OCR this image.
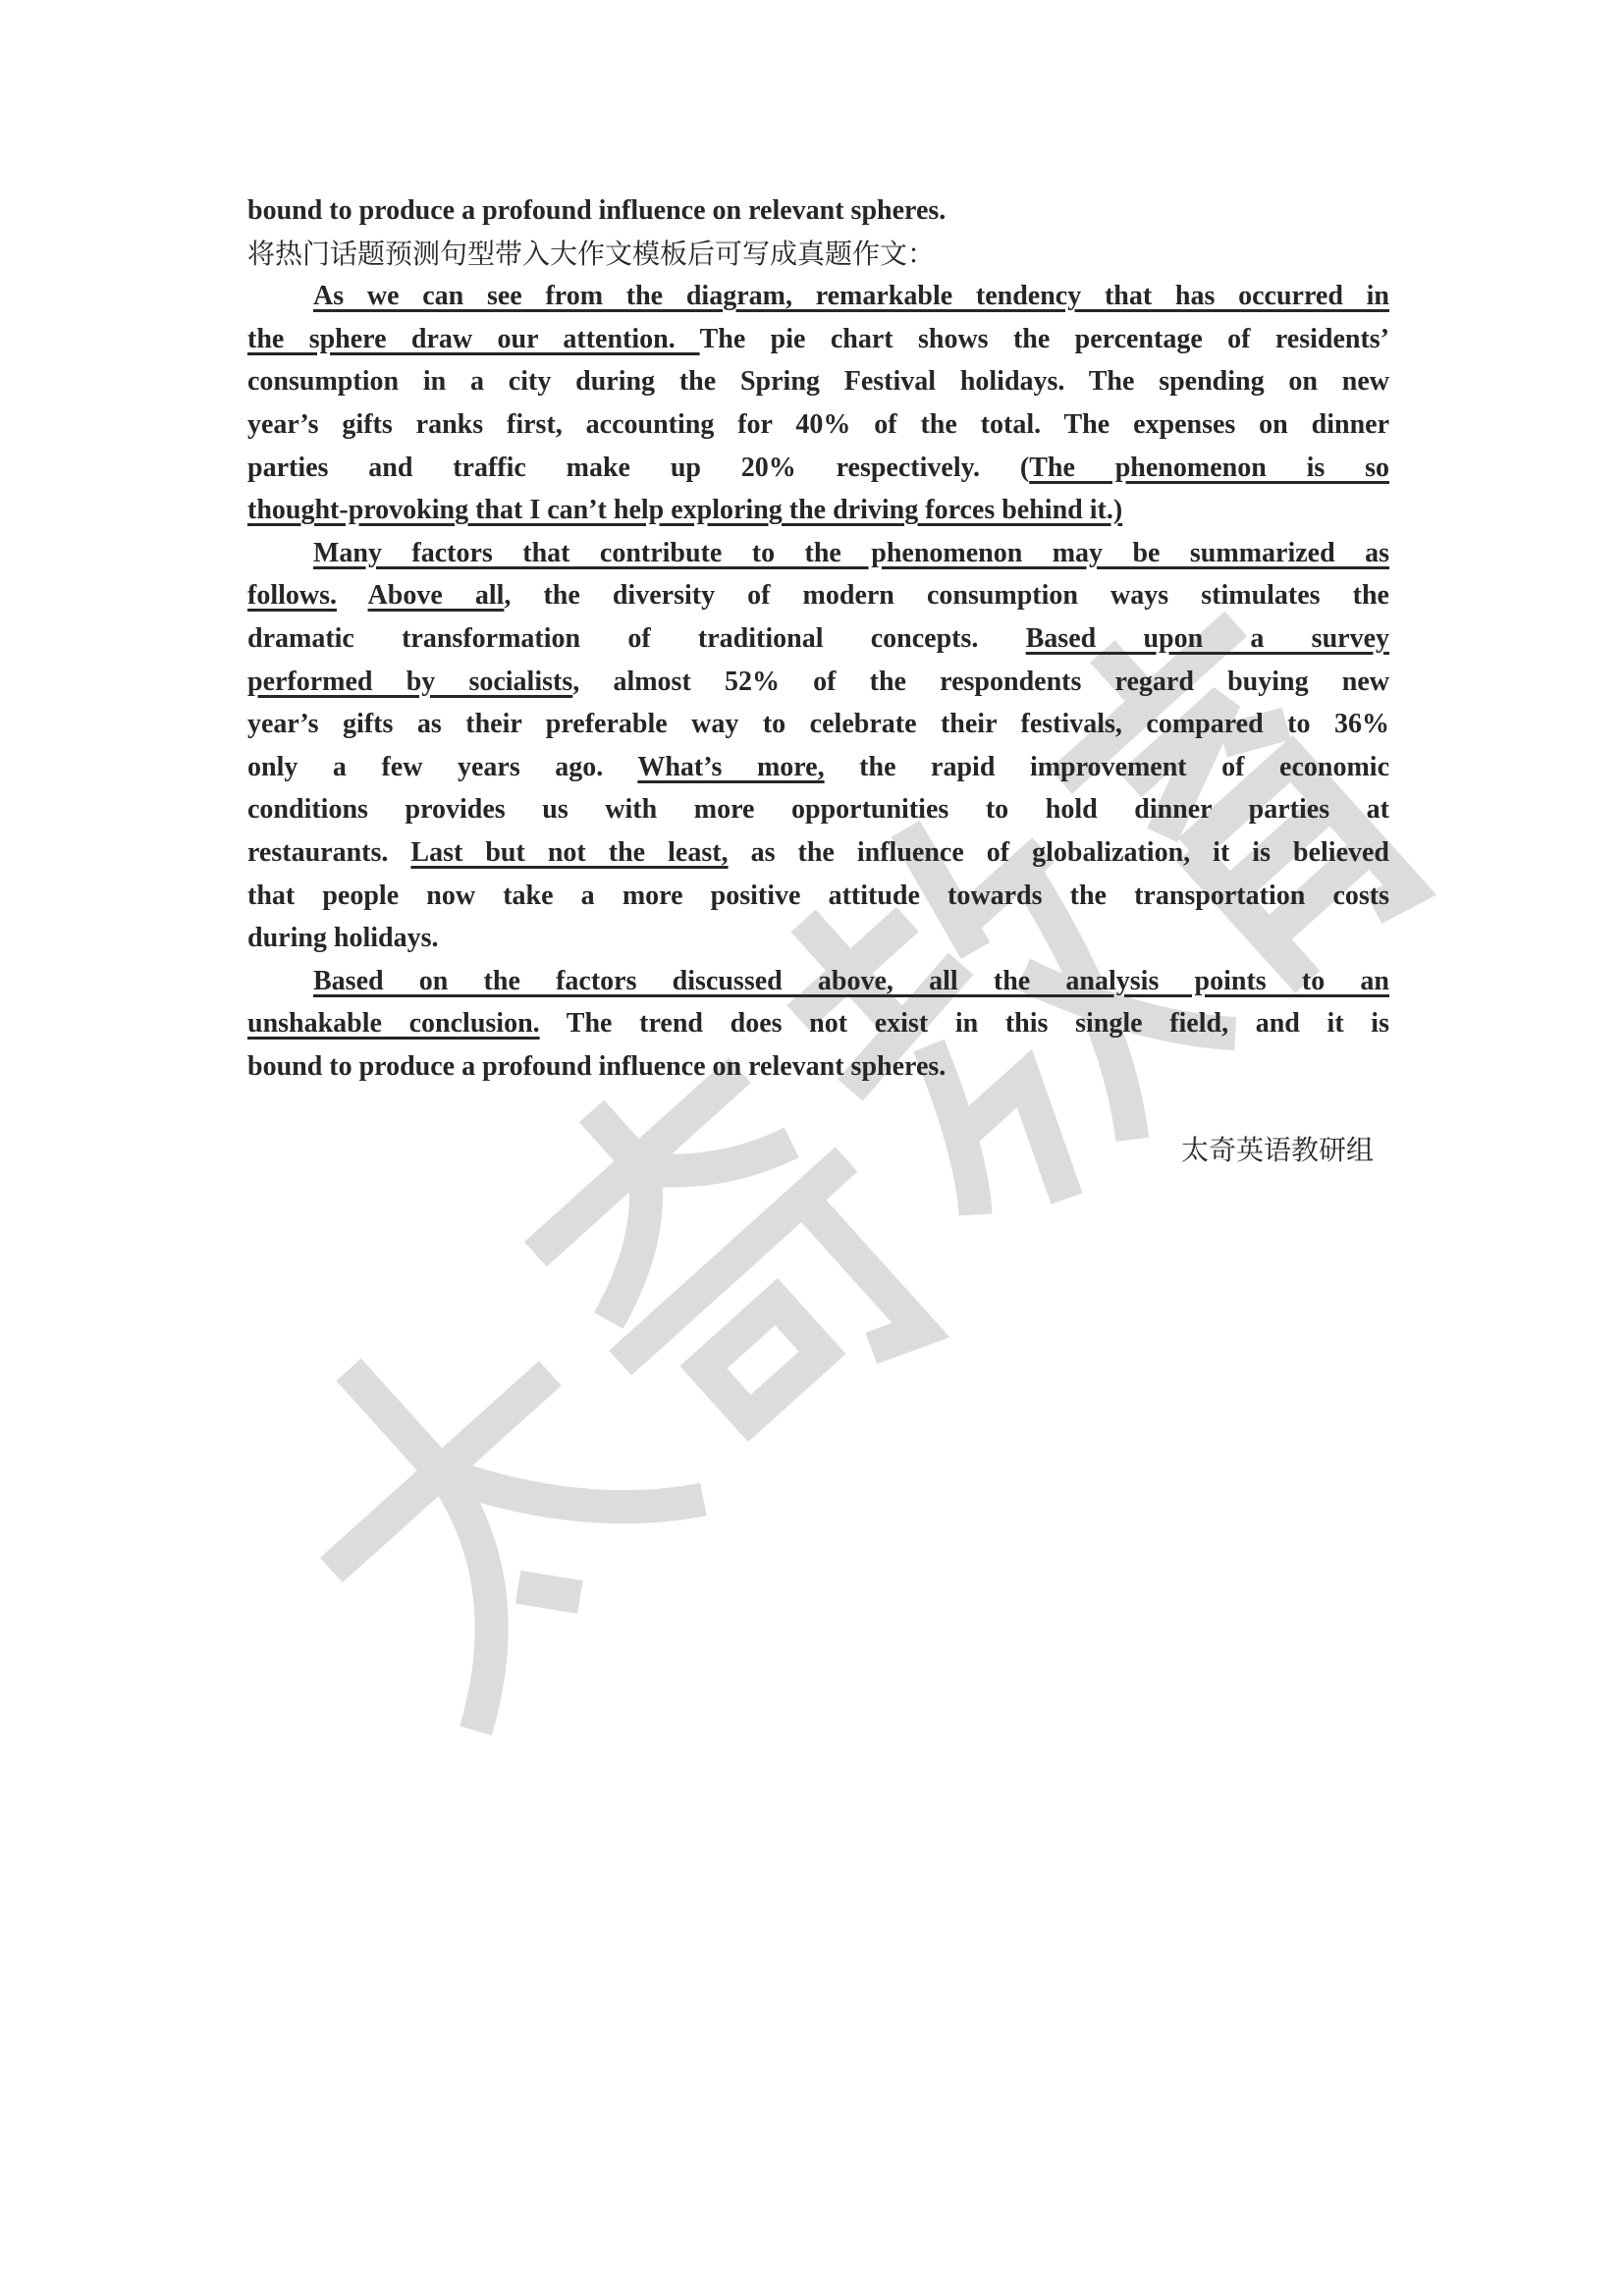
bound to produce a profound influence on relevant spheres.
将热门话题预测句型带入大作文模板后可写成真题作文：
As we can see from the diagram, remarkable tendency that has occurred in
the sphere draw our attention. The pie chart shows the percentage of residents’
consumption in a city during the Spring Festival holidays. The spending on new
year’s gifts ranks first, accounting for 40% of the total. The expenses on dinner
parties and traffic make up 20% respectively. (The phenomenon is so
thought-provoking that I can’t help exploring the driving forces behind it.)
Many factors that contribute to the phenomenon may be summarized as
follows. Above all, the diversity of modern consumption ways stimulates the
dramatic transformation of traditional concepts. Based upon a survey
performed by socialists, almost 52% of the respondents regard buying new
year’s gifts as their preferable way to celebrate their festivals, compared to 36%
only a few years ago. What’s more, the rapid improvement of economic
conditions provides us with more opportunities to hold dinner parties at
restaurants. Last but not the least, as the influence of globalization, it is believed
that people now take a more positive attitude towards the transportation costs
during holidays.
Based on the factors discussed above, all the analysis points to an
unshakable conclusion. The trend does not exist in this single field, and it is
bound to produce a profound influence on relevant spheres.
太奇英语教研组
